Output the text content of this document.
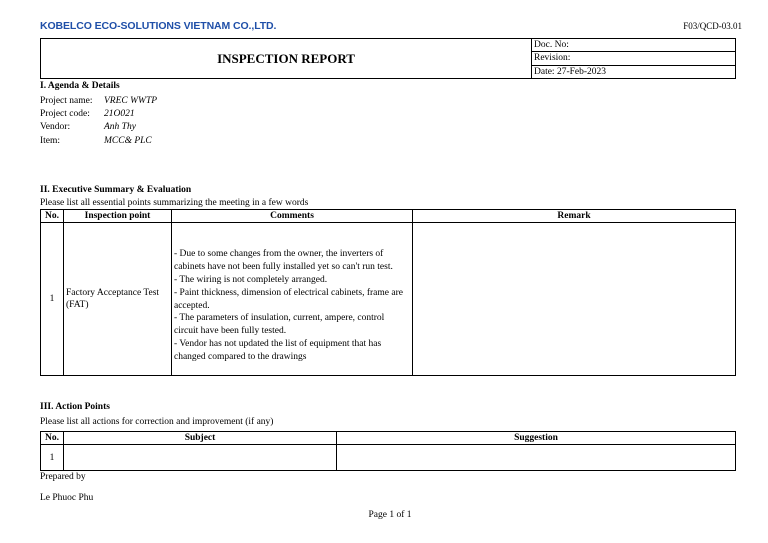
KOBELCO ECO-SOLUTIONS VIETNAM CO.,LTD.	F03/QCD-03.01
INSPECTION REPORT	Doc. No:
Revision:
Date: 27-Feb-2023
I. Agenda & Details
Project name: VREC WWTP
Project code: 21O021
Vendor:	Anh Thy
Item:	MCC& PLC
II. Executive Summary & Evaluation
Please list all essential points summarizing the meeting in a few words
No.	Inspection point	Comments	Remark
1	Factory Acceptance Test (FAT)	- Due to some changes from the owner, the inverters of cabinets have not been fully installed yet so can't run test.
- The wiring is not completely arranged.
- Paint thickness, dimension of electrical cabinets, frame are accepted.
- The parameters of insulation, current, ampere, control circuit have been fully tested.
- Vendor has not updated the list of equipment that has changed compared to the drawings	

III. Action Points
Please list all actions for correction and improvement (if any)
No.	Subject	Suggestion
1		
Prepared by
Le Phuoc Phu
Page 1 of 1
